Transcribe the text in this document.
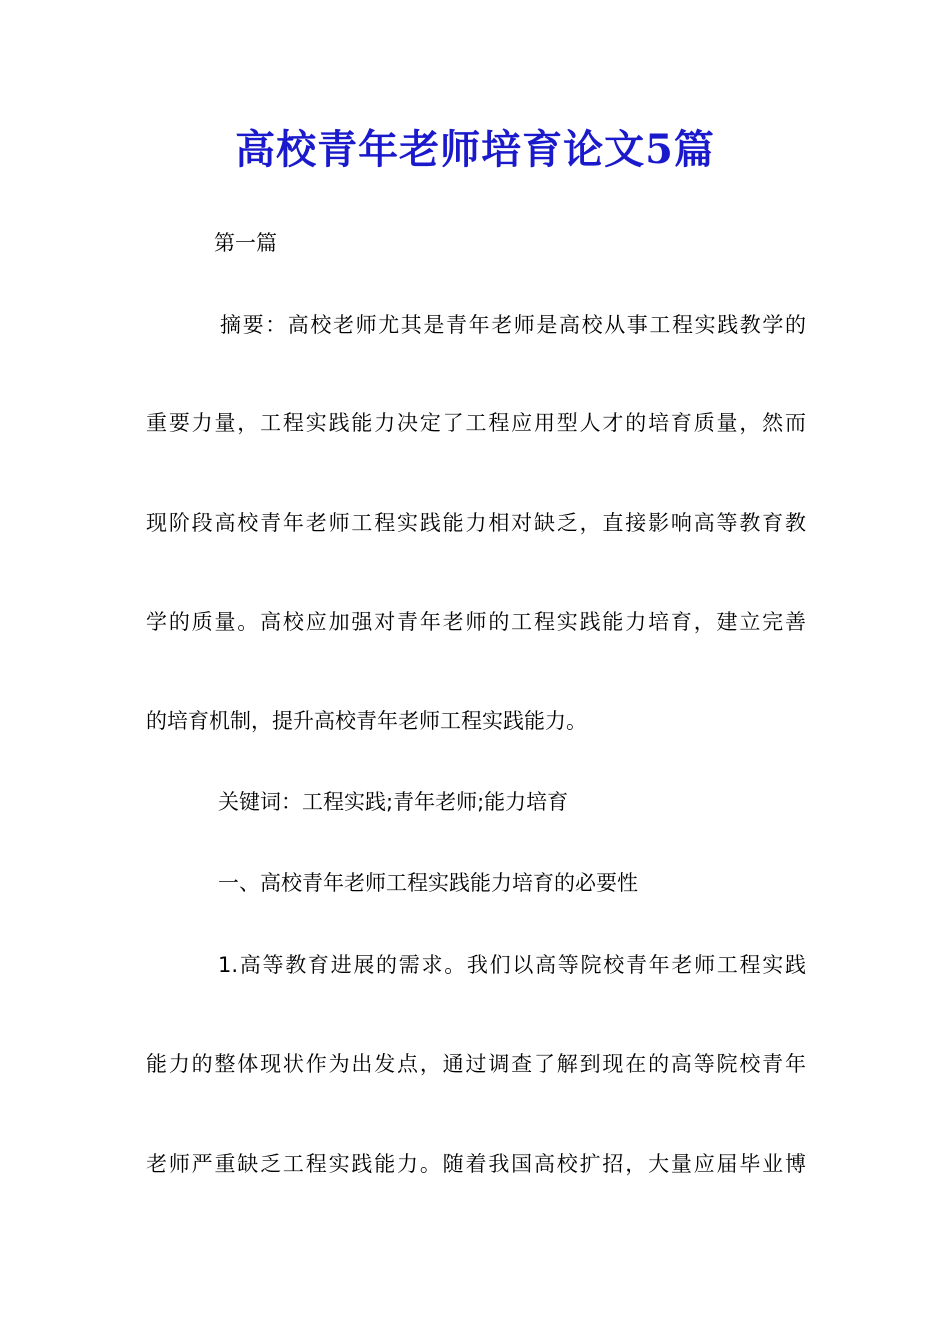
高校青年老师培育论文5篇
第一篇
摘要：高校老师尤其是青年老师是高校从事工程实践教学的
重要力量，工程实践能力决定了工程应用型人才的培育质量，然而
现阶段高校青年老师工程实践能力相对缺乏，直接影响高等教育教
学的质量。高校应加强对青年老师的工程实践能力培育，建立完善
的培育机制，提升高校青年老师工程实践能力。
关键词：工程实践;青年老师;能力培育
一、高校青年老师工程实践能力培育的必要性
1.高等教育进展的需求。我们以高等院校青年老师工程实践
能力的整体现状作为出发点，通过调查了解到现在的高等院校青年
老师严重缺乏工程实践能力。随着我国高校扩招，大量应届毕业博
